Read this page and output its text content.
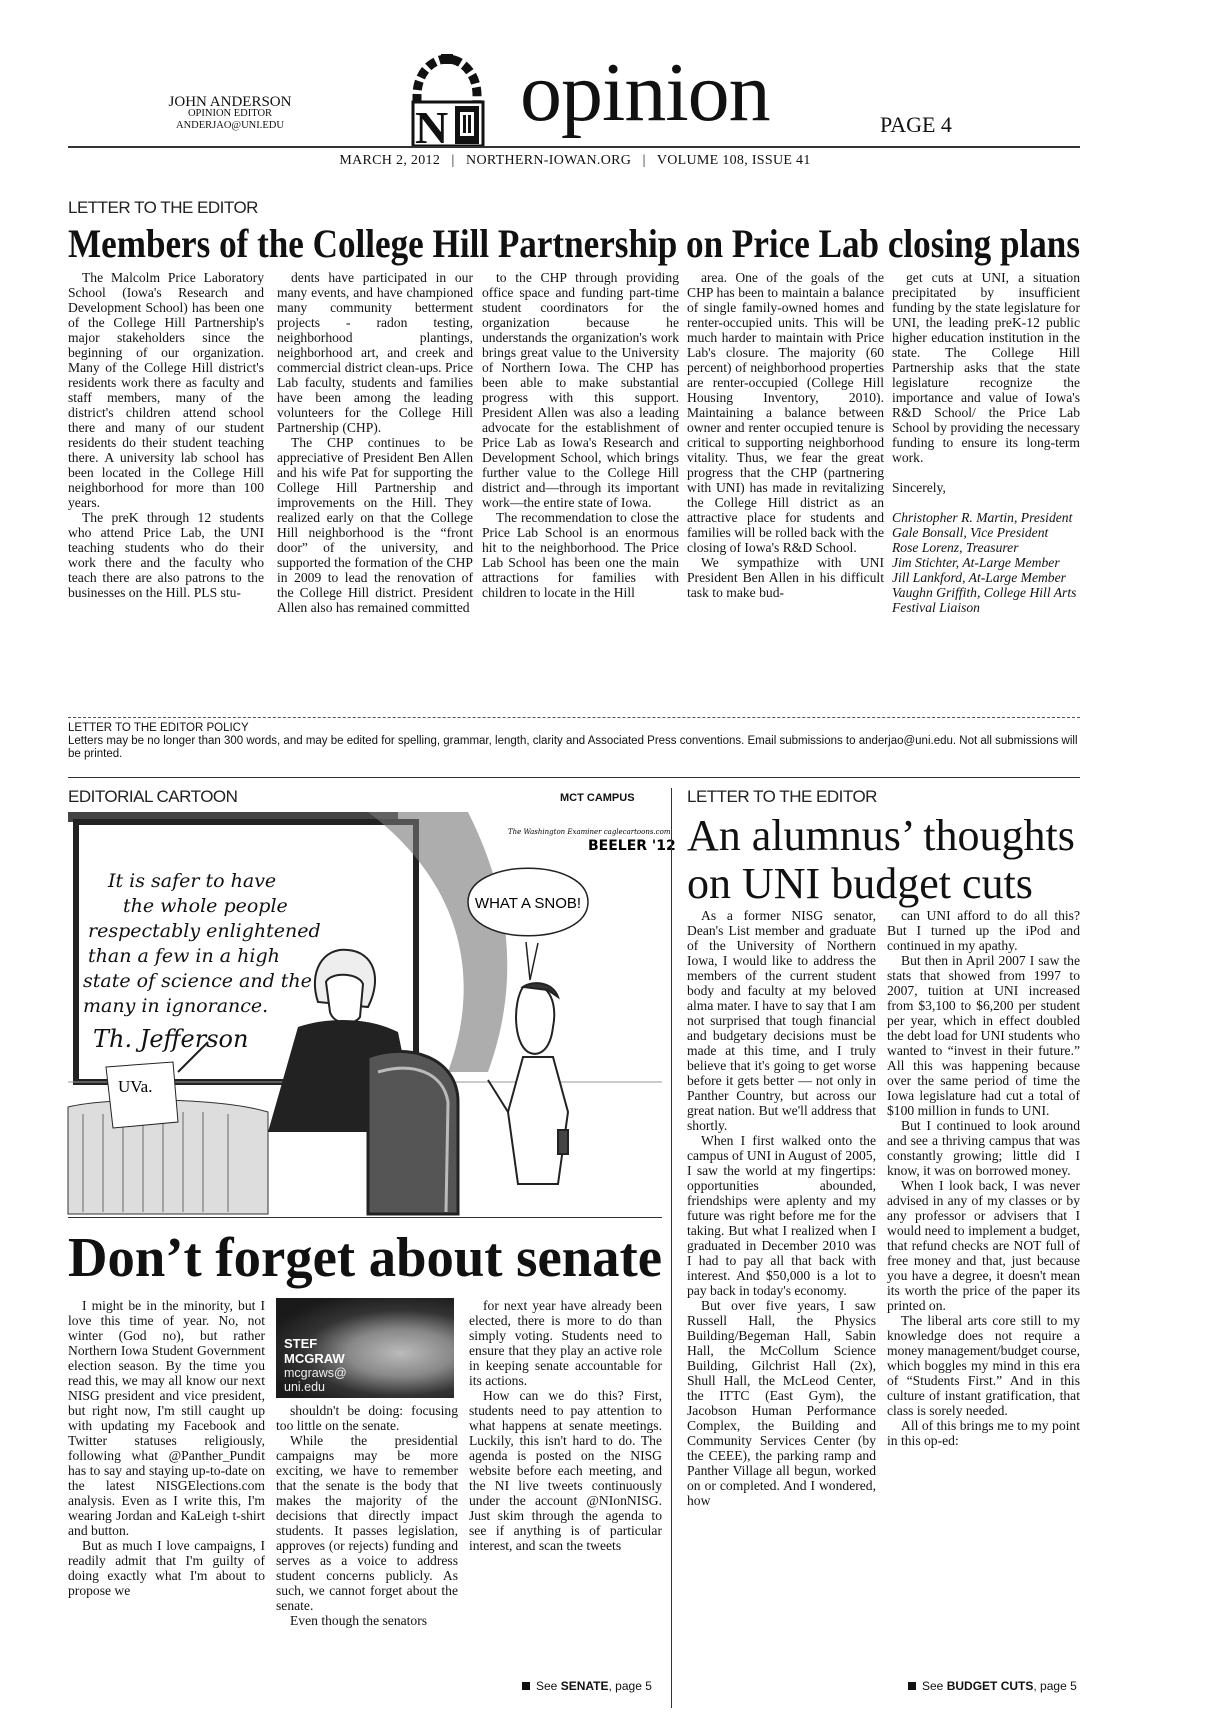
JOHN ANDERSON
OPINION EDITOR
ANDERJAO@UNI.EDU	N opinion	PAGE 4
MARCH 2, 2012   |   NORTHERN-IOWAN.ORG   |   VOLUME 108, ISSUE 41
LETTER TO THE EDITOR
Members of the College Hill Partnership on Price Lab closing plans

The Malcolm Price Laboratory School (Iowa's Research and Development School) has been one of the College Hill Partnership's major stakeholders since the beginning of our organization. Many of the College Hill district's residents work there as faculty and staff members, many of the district's children attend school there and many of our student residents do their student teaching there. A university lab school has been located in the College Hill neighborhood for more than 100 years.

The preK through 12 students who attend Price Lab, the UNI teaching students who do their work there and the faculty who teach there are also patrons to the businesses on the Hill. PLS stu-

dents have participated in our many events, and have championed many community betterment projects - radon testing, neighborhood plantings, neighborhood art, and creek and commercial district clean-ups. Price Lab faculty, students and families have been among the leading volunteers for the College Hill Partnership (CHP).

The CHP continues to be appreciative of President Ben Allen and his wife Pat for supporting the College Hill Partnership and improvements on the Hill. They realized early on that the College Hill neighborhood is the “front door” of the university, and supported the formation of the CHP in 2009 to lead the renovation of the College Hill district. President Allen also has remained committed

to the CHP through providing office space and funding part-time student coordinators for the organization because he understands the organization's work brings great value to the University of Northern Iowa. The CHP has been able to make substantial progress with this support. President Allen was also a leading advocate for the establishment of Price Lab as Iowa's Research and Development School, which brings further value to the College Hill district and—through its important work—the entire state of Iowa.

The recommendation to close the Price Lab School is an enormous hit to the neighborhood. The Price Lab School has been one the main attractions for families with children to locate in the Hill

area. One of the goals of the CHP has been to maintain a balance of single family-owned homes and renter-occupied units. This will be much harder to maintain with Price Lab's closure. The majority (60 percent) of neighborhood properties are renter-occupied (College Hill Housing Inventory, 2010). Maintaining a balance between owner and renter occupied tenure is critical to supporting neighborhood vitality. Thus, we fear the great progress that the CHP (partnering with UNI) has made in revitalizing the College Hill district as an attractive place for students and families will be rolled back with the closing of Iowa's R&D School.

We sympathize with UNI President Ben Allen in his difficult task to make bud-

get cuts at UNI, a situation precipitated by insufficient funding by the state legislature for UNI, the leading preK-12 public higher education institution in the state. The College Hill Partnership asks that the state legislature recognize the importance and value of Iowa's R&D School/ the Price Lab School by providing the necessary funding to ensure its long-term work.

Sincerely,

Christopher R. Martin, President

Gale Bonsall, Vice President

Rose Lorenz, Treasurer

Jim Stichter, At-Large Member

Jill Lankford, At-Large Member

Vaughn Griffith, College Hill Arts Festival Liaison

LETTER TO THE EDITOR POLICY
Letters may be no longer than 300 words, and may be edited for spelling, grammar, length, clarity and Associated Press conventions. Email submissions to anderjao@uni.edu. Not all submissions will be printed.
EDITORIAL CARTOON	MCT CAMPUS
It is safer to have
the whole people
respectably enlightened
than a few in a high
state of science and the
many in ignorance.
Th. Jefferson
UVa.
WHAT A SNOB!
The Washington Examiner caglecartoons.com
BEELER '12
LETTER TO THE EDITOR
An alumnus’ thoughts
on UNI budget cuts

As a former NISG senator, Dean's List member and graduate of the University of Northern Iowa, I would like to address the members of the current student body and faculty at my beloved alma mater. I have to say that I am not surprised that tough financial and budgetary decisions must be made at this time, and I truly believe that it's going to get worse before it gets better — not only in Panther Country, but across our great nation. But we'll address that shortly.

When I first walked onto the campus of UNI in August of 2005, I saw the world at my fingertips: opportunities abounded, friendships were aplenty and my future was right before me for the taking. But what I realized when I graduated in December 2010 was I had to pay all that back with interest. And $50,000 is a lot to pay back in today's economy.

But over five years, I saw Russell Hall, the Physics Building/Begeman Hall, Sabin Hall, the McCollum Science Building, Gilchrist Hall (2x), Shull Hall, the McLeod Center, the ITTC (East Gym), the Jacobson Human Performance Complex, the Building and Community Services Center (by the CEEE), the parking ramp and Panther Village all begun, worked on or completed. And I wondered, how

can UNI afford to do all this? But I turned up the iPod and continued in my apathy.

But then in April 2007 I saw the stats that showed from 1997 to 2007, tuition at UNI increased from $3,100 to $6,200 per student per year, which in effect doubled the debt load for UNI students who wanted to “invest in their future.” All this was happening because over the same period of time the Iowa legislature had cut a total of $100 million in funds to UNI.

But I continued to look around and see a thriving campus that was constantly growing; little did I know, it was on borrowed money.

When I look back, I was never advised in any of my classes or by any professor or advisers that I would need to implement a budget, that refund checks are NOT full of free money and that, just because you have a degree, it doesn't mean its worth the price of the paper its printed on.

The liberal arts core still to my knowledge does not require a money management/budget course, which boggles my mind in this era of “Students First.” And in this culture of instant gratification, that class is sorely needed.

All of this brings me to my point in this op-ed:

See BUDGET CUTS, page 5
Don’t forget about senate

I might be in the minority, but I love this time of year. No, not winter (God no), but rather Northern Iowa Student Government election season. By the time you read this, we may all know our next NISG president and vice president, but right now, I'm still caught up with updating my Facebook and Twitter statuses religiously, following what @Panther_Pundit has to say and staying up-to-date on the latest NISGElections.com analysis. Even as I write this, I'm wearing Jordan and KaLeigh t-shirt and button.

But as much I love campaigns, I readily admit that I'm guilty of doing exactly what I'm about to propose we

STEF
MCGRAW
mcgraws@
uni.edu

shouldn't be doing: focusing too little on the senate.

While the presidential campaigns may be more exciting, we have to remember that the senate is the body that makes the majority of the decisions that directly impact students. It passes legislation, approves (or rejects) funding and serves as a voice to address student concerns publicly. As such, we cannot forget about the senate.

Even though the senators

for next year have already been elected, there is more to do than simply voting. Students need to ensure that they play an active role in keeping senate accountable for its actions.

How can we do this? First, students need to pay attention to what happens at senate meetings. Luckily, this isn't hard to do. The agenda is posted on the NISG website before each meeting, and the NI live tweets continuously under the account @NIonNISG. Just skim through the agenda to see if anything is of particular interest, and scan the tweets

See SENATE, page 5
